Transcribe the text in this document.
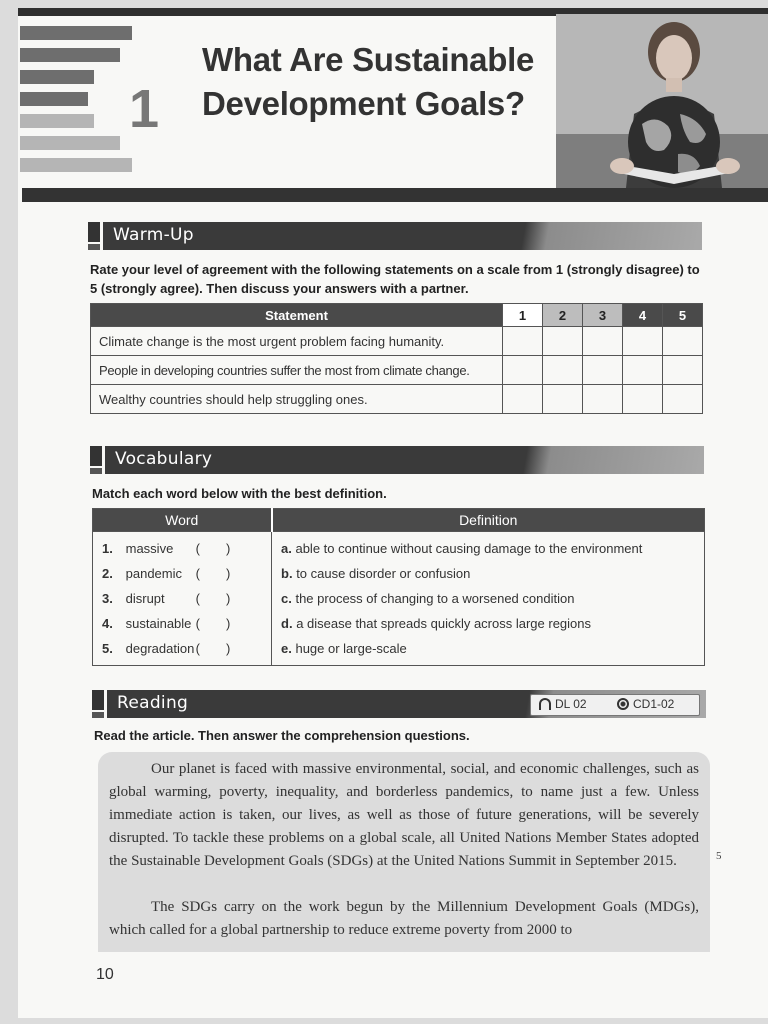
1
What Are Sustainable Development Goals?
Warm-Up

Rate your level of agreement with the following statements on a scale from 1 (strongly disagree) to 5 (strongly agree). Then discuss your answers with a partner.

Statement	1	2	3	4	5
Climate change is the most urgent problem facing humanity.					
People in developing countries suffer the most from climate change.					
Wealthy countries should help struggling ones.					
Vocabulary

Match each word below with the best definition.

Word	Definition
1. massive ( )	a. able to continue without causing damage to the environment
2. pandemic ( )	b. to cause disorder or confusion
3. disrupt ( )	c. the process of changing to a worsened condition
4. sustainable ( )	d. a disease that spreads quickly across large regions
5. degradation( )	e. huge or large-scale
Reading	DL 02	CD1-02

Read the article. Then answer the comprehension questions.

Our planet is faced with massive environmental, social, and economic challenges, such as global warming, poverty, inequality, and borderless pandemics, to name just a few. Unless immediate action is taken, our lives, as well as those of future generations, will be severely disrupted. To tackle these problems on a global scale, all United Nations Member States adopted the Sustainable Development Goals (SDGs) at the United Nations Summit in September 2015.

The SDGs carry on the work begun by the Millennium Development Goals (MDGs), which called for a global partnership to reduce extreme poverty from 2000 to

5
10
